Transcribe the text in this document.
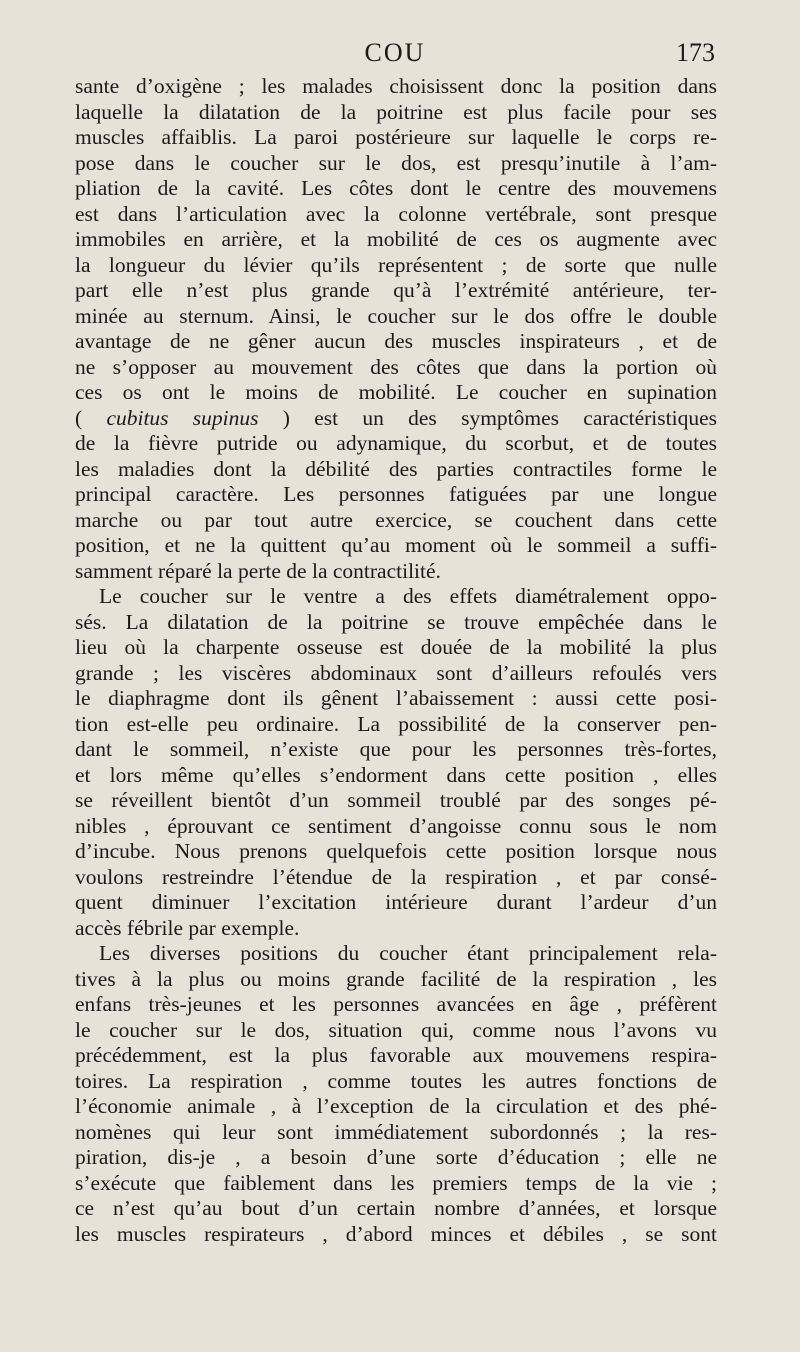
COU	173
sante d’oxigène ; les malades choisissent donc la position dans
laquelle la dilatation de la poitrine est plus facile pour ses
muscles affaiblis. La paroi postérieure sur laquelle le corps re-
pose dans le coucher sur le dos, est presqu’inutile à l’am-
pliation de la cavité. Les côtes dont le centre des mouvemens
est dans l’articulation avec la colonne vertébrale, sont presque
immobiles en arrière, et la mobilité de ces os augmente avec
la longueur du lévier qu’ils représentent ; de sorte que nulle
part elle n’est plus grande qu’à l’extrémité antérieure, ter-
minée au sternum. Ainsi, le coucher sur le dos offre le double
avantage de ne gêner aucun des muscles inspirateurs , et de
ne s’opposer au mouvement des côtes que dans la portion où
ces os ont le moins de mobilité. Le coucher en supination
( cubitus supinus ) est un des symptômes caractéristiques
de la fièvre putride ou adynamique, du scorbut, et de toutes
les maladies dont la débilité des parties contractiles forme le
principal caractère. Les personnes fatiguées par une longue
marche ou par tout autre exercice, se couchent dans cette
position, et ne la quittent qu’au moment où le sommeil a suffi-
samment réparé la perte de la contractilité.
Le coucher sur le ventre a des effets diamétralement oppo-
sés. La dilatation de la poitrine se trouve empêchée dans le
lieu où la charpente osseuse est douée de la mobilité la plus
grande ; les viscères abdominaux sont d’ailleurs refoulés vers
le diaphragme dont ils gênent l’abaissement : aussi cette posi-
tion est-elle peu ordinaire. La possibilité de la conserver pen-
dant le sommeil, n’existe que pour les personnes très-fortes,
et lors même qu’elles s’endorment dans cette position , elles
se réveillent bientôt d’un sommeil troublé par des songes pé-
nibles , éprouvant ce sentiment d’angoisse connu sous le nom
d’incube. Nous prenons quelquefois cette position lorsque nous
voulons restreindre l’étendue de la respiration , et par consé-
quent diminuer l’excitation intérieure durant l’ardeur d’un
accès fébrile par exemple.
Les diverses positions du coucher étant principalement rela-
tives à la plus ou moins grande facilité de la respiration , les
enfans très-jeunes et les personnes avancées en âge , préfèrent
le coucher sur le dos, situation qui, comme nous l’avons vu
précédemment, est la plus favorable aux mouvemens respira-
toires. La respiration , comme toutes les autres fonctions de
l’économie animale , à l’exception de la circulation et des phé-
nomènes qui leur sont immédiatement subordonnés ; la res-
piration, dis-je , a besoin d’une sorte d’éducation ; elle ne
s’exécute que faiblement dans les premiers temps de la vie ;
ce n’est qu’au bout d’un certain nombre d’années, et lorsque
les muscles respirateurs , d’abord minces et débiles , se sont
